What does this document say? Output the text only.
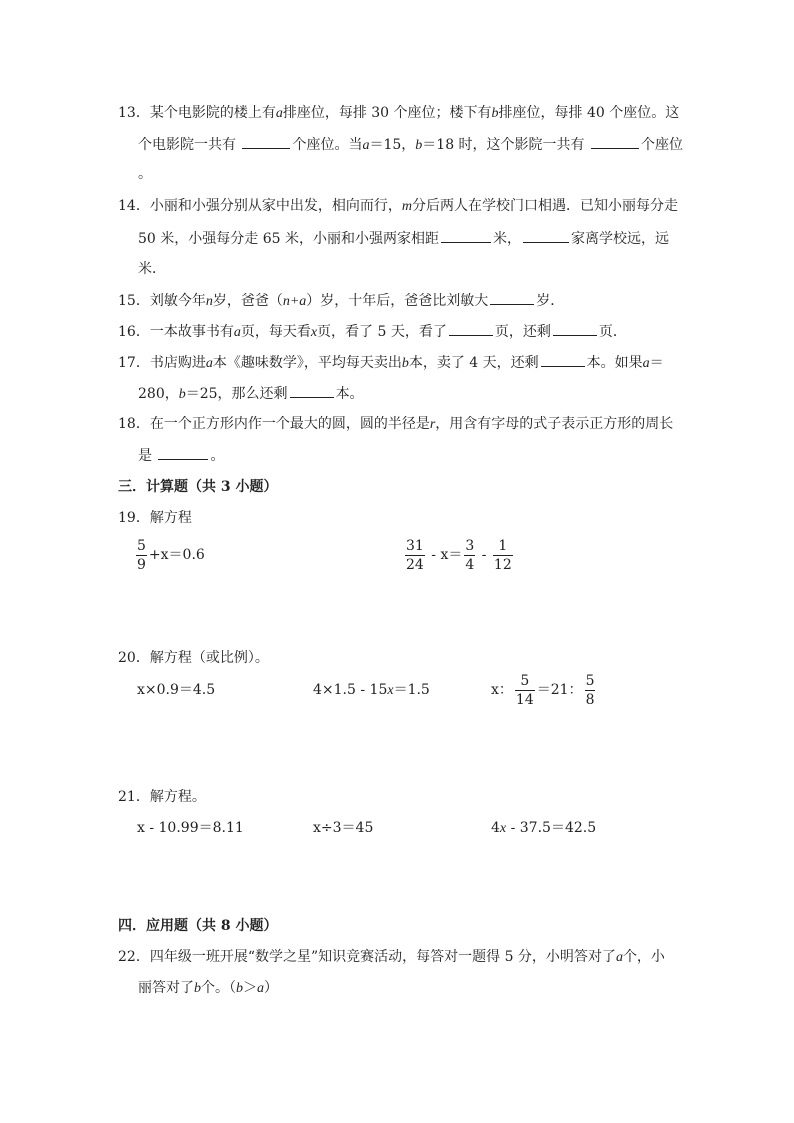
13．某个电影院的楼上有a排座位，每排 30 个座位；楼下有b排座位，每排 40 个座位。这
个电影院一共有	个座位。当a＝15，b＝18 时，这个影院一共有	个座位
。
14．小丽和小强分别从家中出发，相向而行，m分后两人在学校门口相遇．已知小丽每分走
50 米，小强每分走 65 米，小丽和小强两家相距	米，	家离学校远，远
米．
15．刘敏今年n岁，爸爸（n+a）岁，十年后，爸爸比刘敏大	岁．
16．一本故事书有a页，每天看x页，看了 5 天，看了	页，还剩	页．
17．书店购进a本《趣味数学》，平均每天卖出b本，卖了 4 天，还剩	本。如果a＝
280，b＝25，那么还剩	本。
18．在一个正方形内作一个最大的圆，圆的半径是r，用含有字母的式子表示正方形的周长
是	。
三．计算题（共 3 小题）
19．解方程
$\frac{5}{9} +x=0.6$	$\frac{31}{24} - x= \frac{3}{4} - \frac{1}{12}$
20．解方程（或比例）。
x×0.9＝4.5	4×1.5 - 15x＝1.5	x： $\frac{5}{14} =21$： $\frac{5}{8}$
21．解方程。
x - 10.99＝8.11	x÷3＝45	4x - 37.5＝42.5
四．应用题（共 8 小题）
22．四年级一班开展“数学之星”知识竞赛活动，每答对一题得 5 分，小明答对了a个，小
丽答对了b个。（b＞a）
